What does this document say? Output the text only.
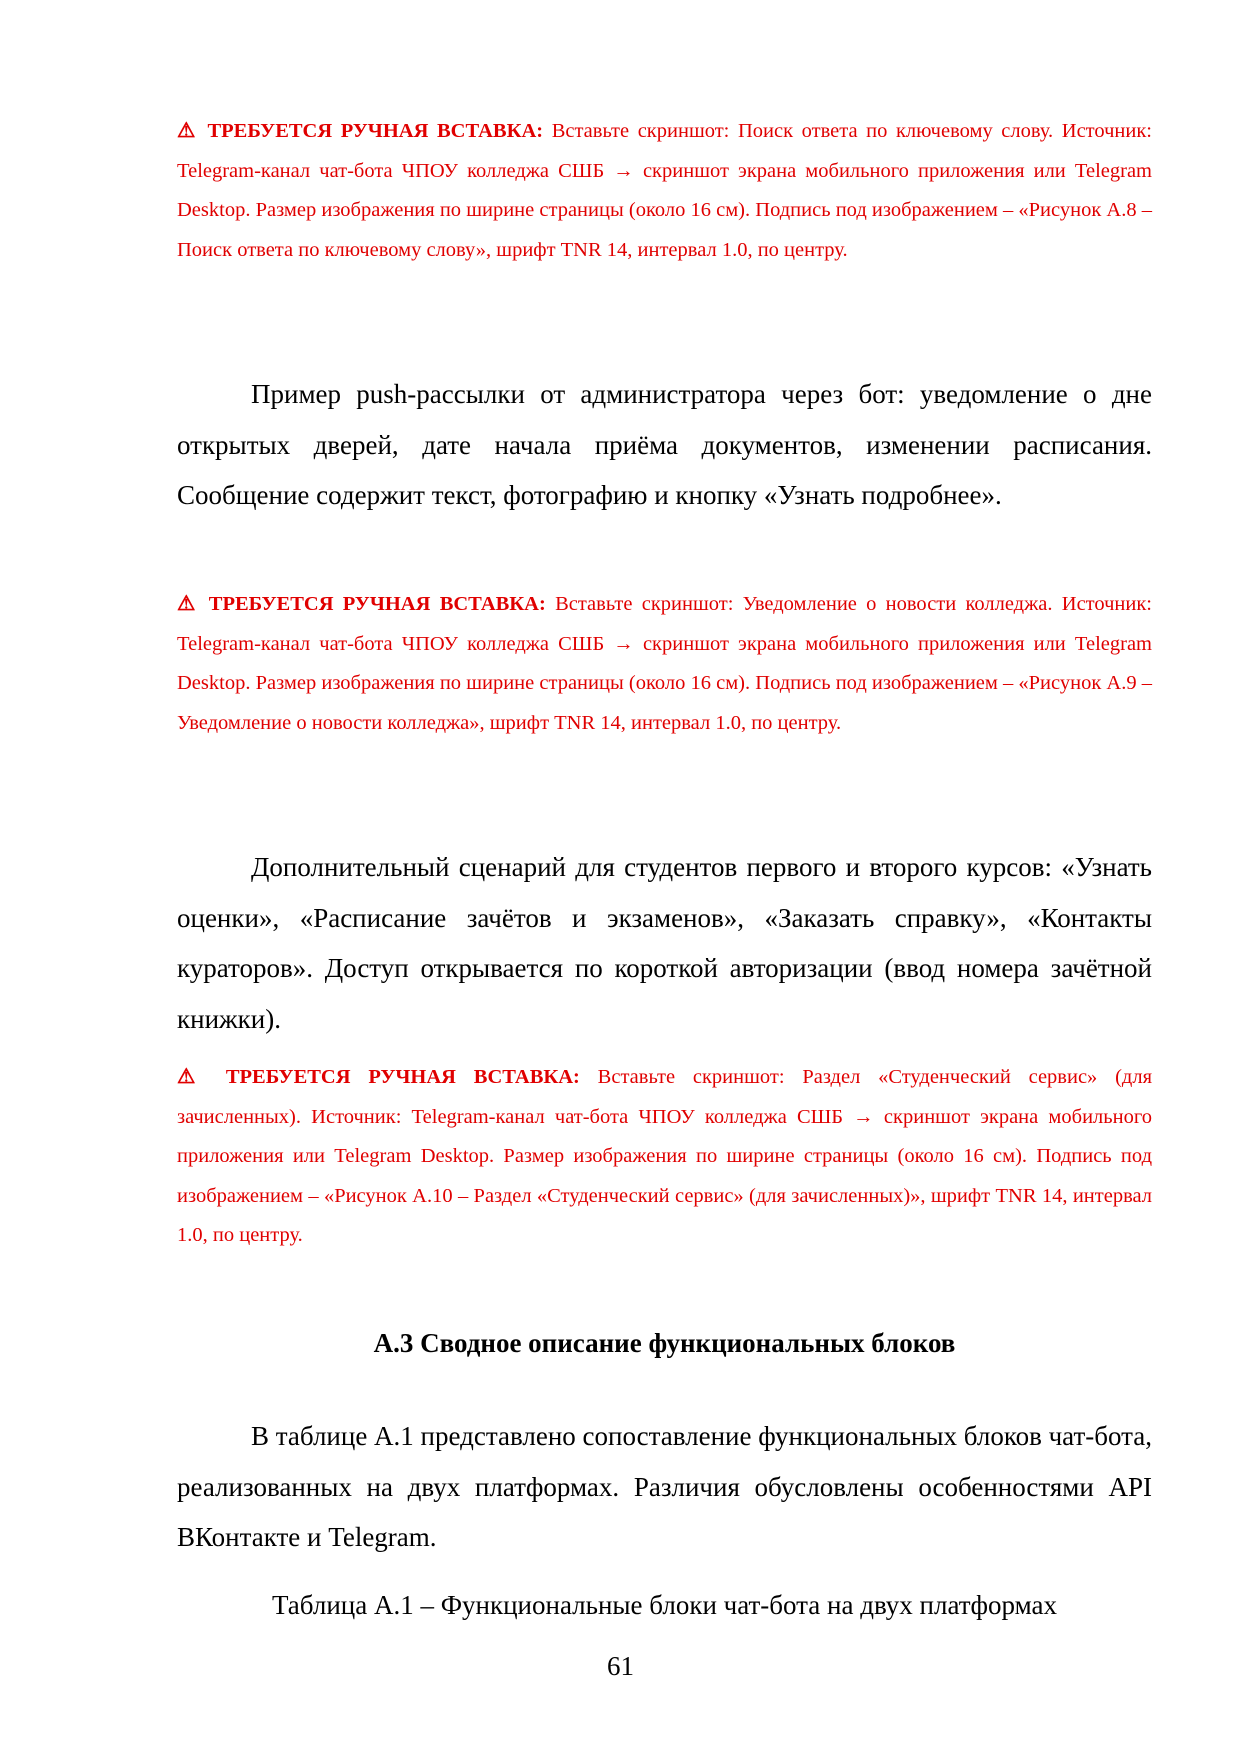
⚠ ТРЕБУЕТСЯ РУЧНАЯ ВСТАВКА: Вставьте скриншот: Поиск ответа по ключевому слову. Источник: Telegram-канал чат-бота ЧПОУ колледжа СШБ → скриншот экрана мобильного приложения или Telegram Desktop. Размер изображения по ширине страницы (около 16 см). Подпись под изображением – «Рисунок А.8 – Поиск ответа по ключевому слову», шрифт TNR 14, интервал 1.0, по центру.

Пример push-рассылки от администратора через бот: уведомление о дне открытых дверей, дате начала приёма документов, изменении расписания. Сообщение содержит текст, фотографию и кнопку «Узнать подробнее».

⚠ ТРЕБУЕТСЯ РУЧНАЯ ВСТАВКА: Вставьте скриншот: Уведомление о новости колледжа. Источник: Telegram-канал чат-бота ЧПОУ колледжа СШБ → скриншот экрана мобильного приложения или Telegram Desktop. Размер изображения по ширине страницы (около 16 см). Подпись под изображением – «Рисунок А.9 – Уведомление о новости колледжа», шрифт TNR 14, интервал 1.0, по центру.

Дополнительный сценарий для студентов первого и второго курсов: «Узнать оценки», «Расписание зачётов и экзаменов», «Заказать справку», «Контакты кураторов». Доступ открывается по короткой авторизации (ввод номера зачётной книжки).

⚠ ТРЕБУЕТСЯ РУЧНАЯ ВСТАВКА: Вставьте скриншот: Раздел «Студенческий сервис» (для зачисленных). Источник: Telegram-канал чат-бота ЧПОУ колледжа СШБ → скриншот экрана мобильного приложения или Telegram Desktop. Размер изображения по ширине страницы (около 16 см). Подпись под изображением – «Рисунок А.10 – Раздел «Студенческий сервис» (для зачисленных)», шрифт TNR 14, интервал 1.0, по центру.

А.3 Сводное описание функциональных блоков

В таблице А.1 представлено сопоставление функциональных блоков чат-бота, реализованных на двух платформах. Различия обусловлены особенностями API ВКонтакте и Telegram.

Таблица А.1 – Функциональные блоки чат-бота на двух платформах

61
